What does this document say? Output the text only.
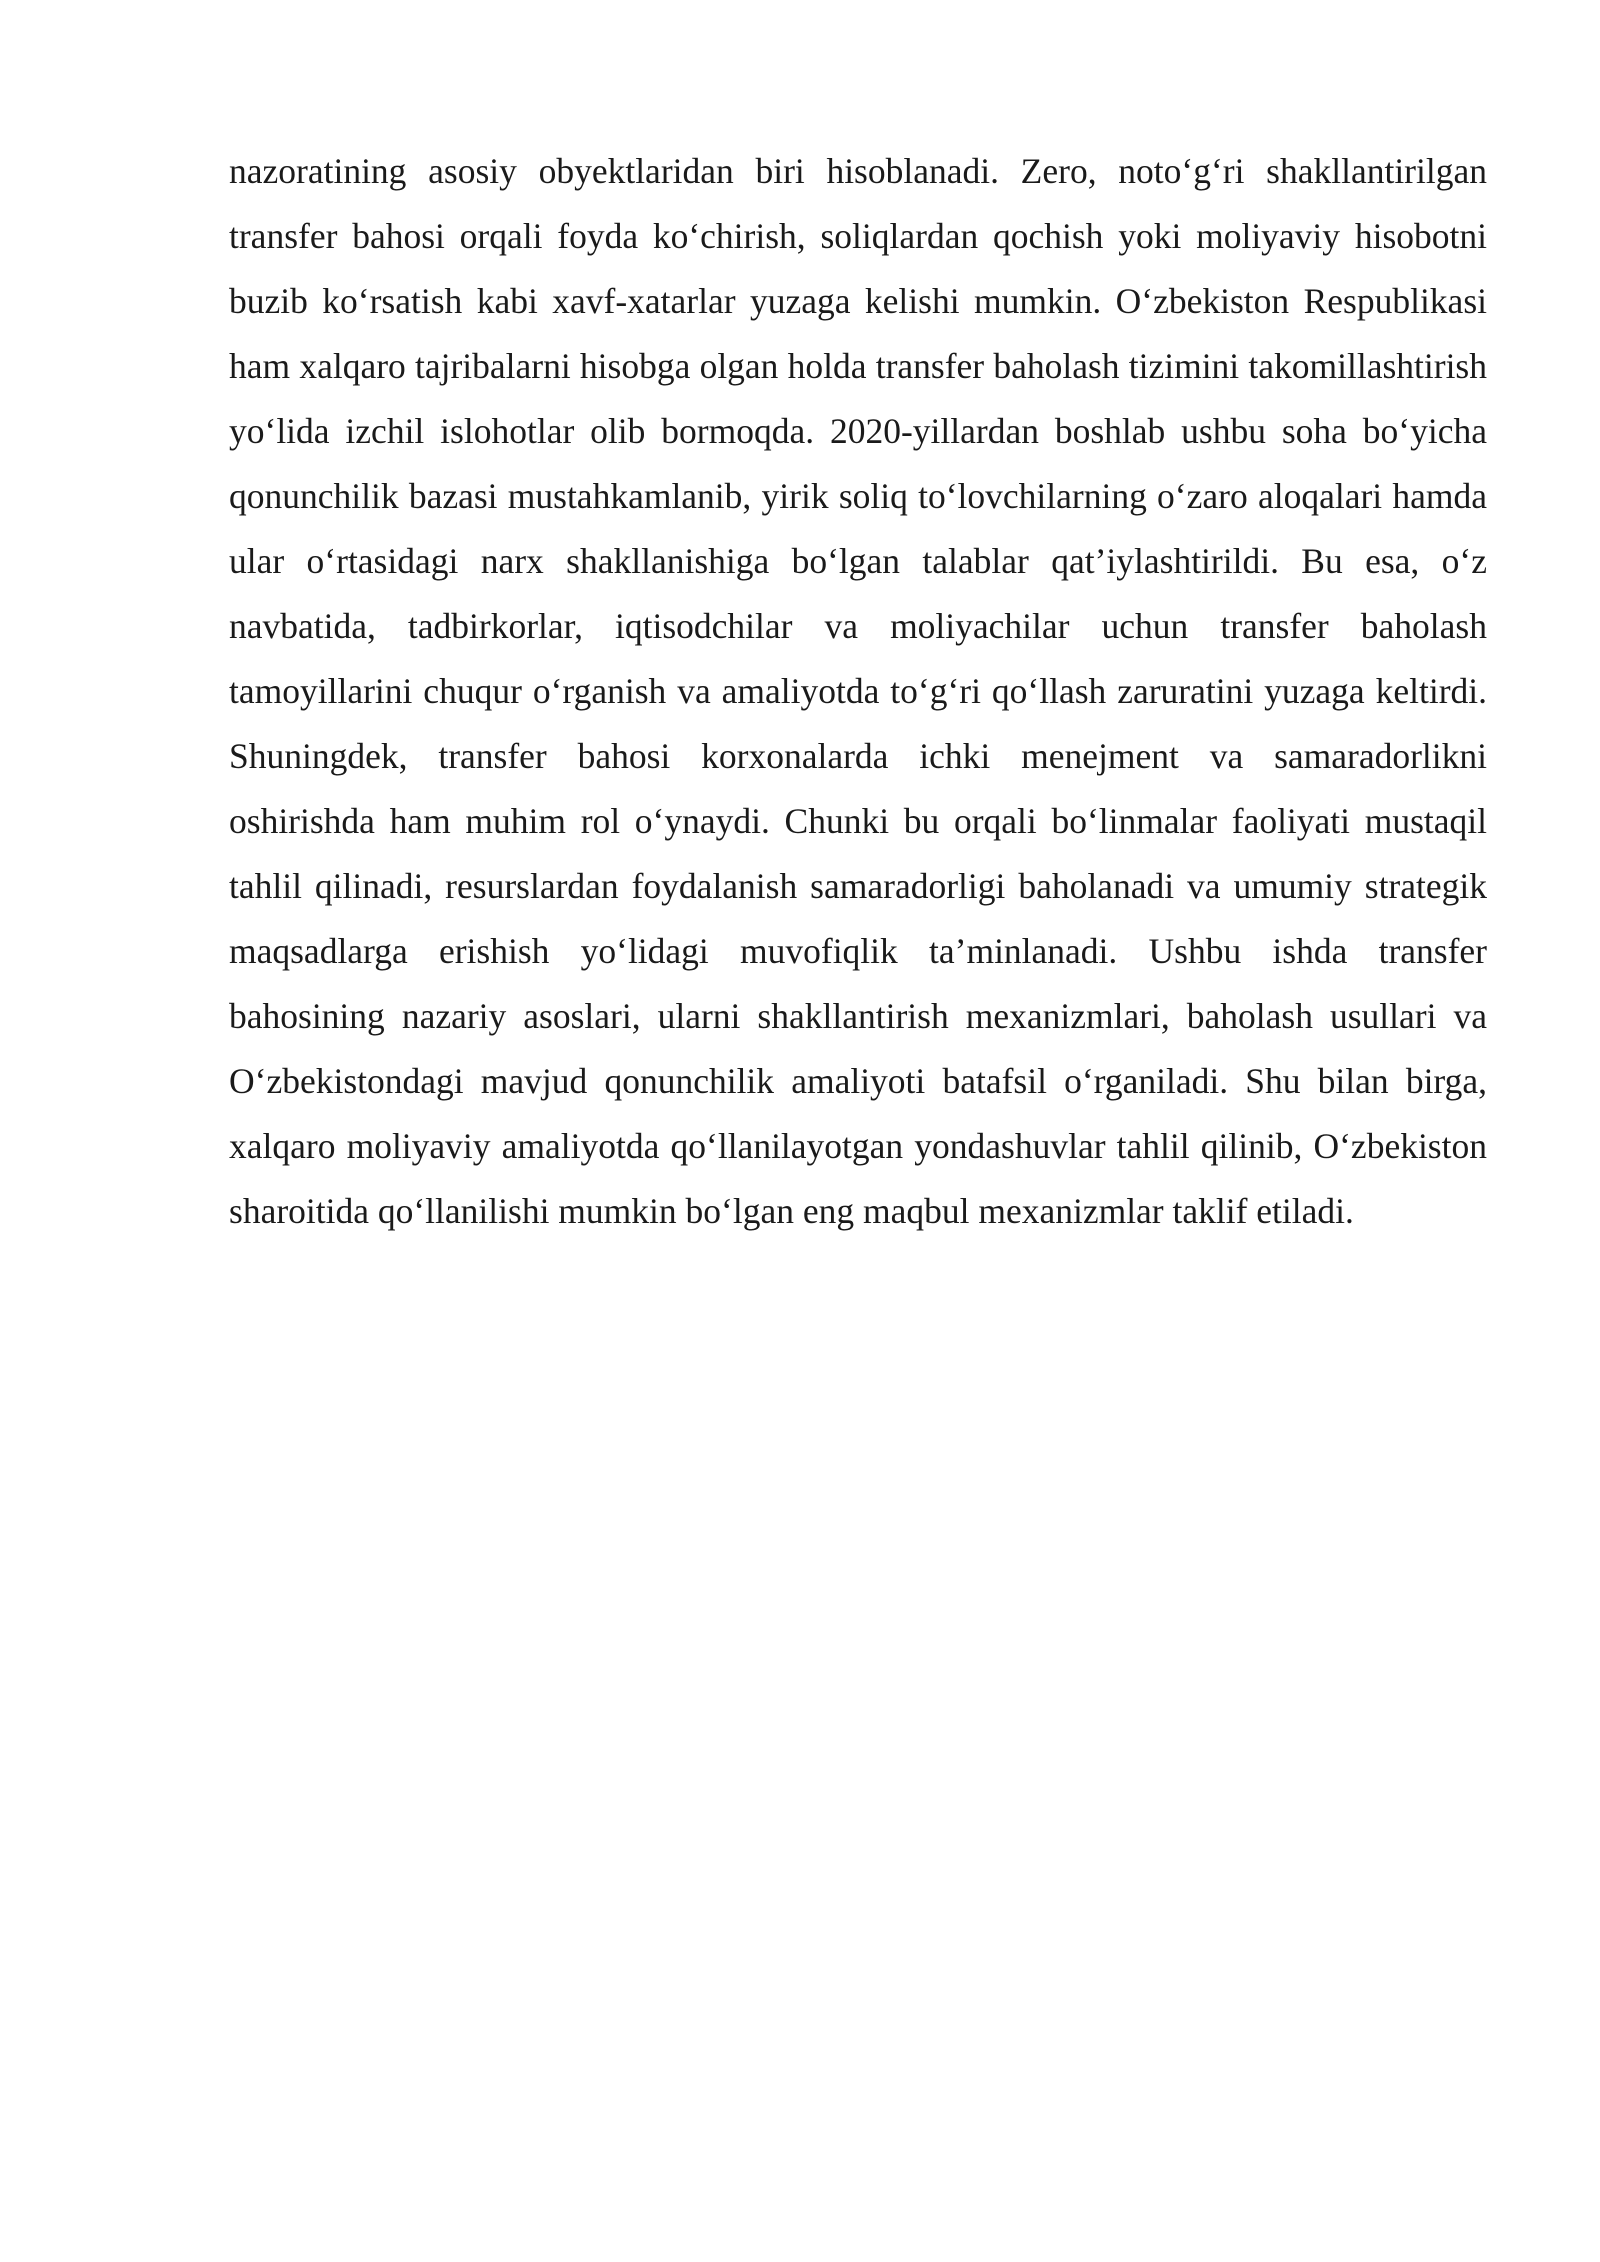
nazoratining asosiy obyektlaridan biri hisoblanadi. Zero, noto‘g‘ri shakllantirilgan transfer bahosi orqali foyda ko‘chirish, soliqlardan qochish yoki moliyaviy hisobotni buzib ko‘rsatish kabi xavf-xatarlar yuzaga kelishi mumkin. O‘zbekiston Respublikasi ham xalqaro tajribalarni hisobga olgan holda transfer baholash tizimini takomillashtirish yo‘lida izchil islohotlar olib bormoqda. 2020-yillardan boshlab ushbu soha bo‘yicha qonunchilik bazasi mustahkamlanib, yirik soliq to‘lovchilarning o‘zaro aloqalari hamda ular o‘rtasidagi narx shakllanishiga bo‘lgan talablar qat’iylashtirildi. Bu esa, o‘z navbatida, tadbirkorlar, iqtisodchilar va moliyachilar uchun transfer baholash tamoyillarini chuqur o‘rganish va amaliyotda to‘g‘ri qo‘llash zaruratini yuzaga keltirdi. Shuningdek, transfer bahosi korxonalarda ichki menejment va samaradorlikni oshirishda ham muhim rol o‘ynaydi. Chunki bu orqali bo‘linmalar faoliyati mustaqil tahlil qilinadi, resurslardan foydalanish samaradorligi baholanadi va umumiy strategik maqsadlarga erishish yo‘lidagi muvofiqlik ta’minlanadi. Ushbu ishda transfer bahosining nazariy asoslari, ularni shakllantirish mexanizmlari, baholash usullari va O‘zbekistondagi mavjud qonunchilik amaliyoti batafsil o‘rganiladi. Shu bilan birga, xalqaro moliyaviy amaliyotda qo‘llanilayotgan yondashuvlar tahlil qilinib, O‘zbekiston sharoitida qo‘llanilishi mumkin bo‘lgan eng maqbul mexanizmlar taklif etiladi.
